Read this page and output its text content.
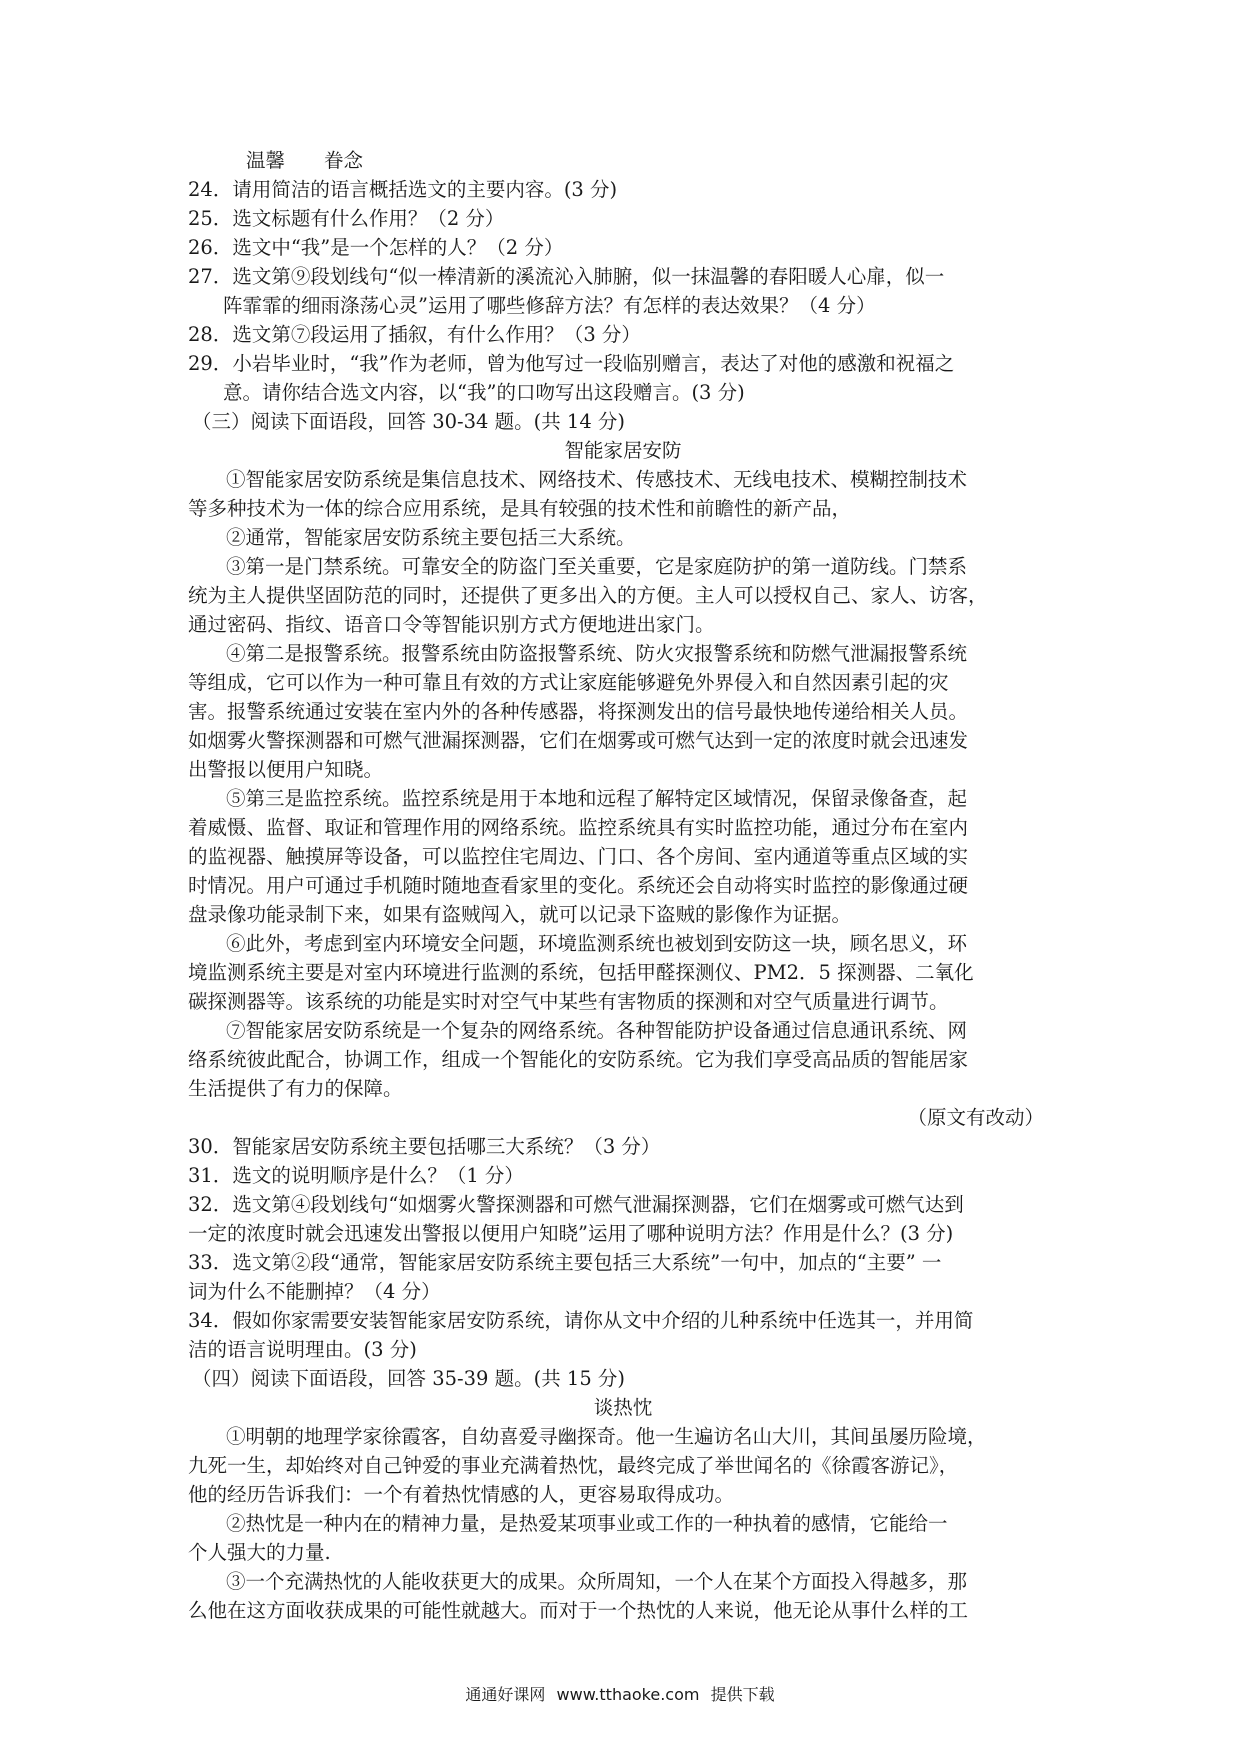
温馨　　眷念
24．请用简洁的语言概括选文的主要内容。(3 分)
25．选文标题有什么作用？（2 分）
26．选文中“我”是一个怎样的人？（2 分）
27．选文第⑨段划线句“似一棒清新的溪流沁入肺腑，似一抹温馨的春阳暖人心扉，似一
阵霏霏的细雨涤荡心灵”运用了哪些修辞方法？有怎样的表达效果？（4 分）
28．选文第⑦段运用了插叙，有什么作用？（3 分）
29．小岩毕业时，“我”作为老师，曾为他写过一段临别赠言，表达了对他的感激和祝福之
意。请你结合选文内容，以“我”的口吻写出这段赠言。(3 分)
（三）阅读下面语段，回答 30-34 题。(共 14 分)
智能家居安防
①智能家居安防系统是集信息技术、网络技术、传感技术、无线电技术、模糊控制技术
等多种技术为一体的综合应用系统，是具有较强的技术性和前瞻性的新产品，
②通常，智能家居安防系统主要包括三大系统。
③第一是门禁系统。可靠安全的防盗门至关重要，它是家庭防护的第一道防线。门禁系
统为主人提供坚固防范的同时，还提供了更多出入的方便。主人可以授权自己、家人、访客，
通过密码、指纹、语音口令等智能识别方式方便地进出家门。
④第二是报警系统。报警系统由防盗报警系统、防火灾报警系统和防燃气泄漏报警系统
等组成，它可以作为一种可靠且有效的方式让家庭能够避免外界侵入和自然因素引起的灾
害。报警系统通过安装在室内外的各种传感器，将探测发出的信号最快地传递给相关人员。
如烟雾火警探测器和可燃气泄漏探测器，它们在烟雾或可燃气达到一定的浓度时就会迅速发
出警报以便用户知晓。
⑤第三是监控系统。监控系统是用于本地和远程了解特定区域情况，保留录像备查，起
着威慑、监督、取证和管理作用的网络系统。监控系统具有实时监控功能，通过分布在室内
的监视器、触摸屏等设备，可以监控住宅周边、门口、各个房间、室内通道等重点区域的实
时情况。用户可通过手机随时随地查看家里的变化。系统还会自动将实时监控的影像通过硬
盘录像功能录制下来，如果有盗贼闯入，就可以记录下盗贼的影像作为证据。
⑥此外，考虑到室内环境安全问题，环境监测系统也被划到安防这一块，顾名思义，环
境监测系统主要是对室内环境进行监测的系统，包括甲醛探测仪、PM2．5 探测器、二氧化
碳探测器等。该系统的功能是实时对空气中某些有害物质的探测和对空气质量进行调节。
⑦智能家居安防系统是一个复杂的网络系统。各种智能防护设备通过信息通讯系统、网
络系统彼此配合，协调工作，组成一个智能化的安防系统。它为我们享受高品质的智能居家
生活提供了有力的保障。
（原文有改动）
30．智能家居安防系统主要包括哪三大系统？（3 分）
31．选文的说明顺序是什么？（1 分）
32．选文第④段划线句“如烟雾火警探测器和可燃气泄漏探测器，它们在烟雾或可燃气达到
一定的浓度时就会迅速发出警报以便用户知晓”运用了哪种说明方法？作用是什么？(3 分)
33．选文第②段“通常，智能家居安防系统主要包括三大系统”一句中，加点的“主要” 一
词为什么不能删掉？（4 分）
34．假如你家需要安装智能家居安防系统，请你从文中介绍的儿种系统中任选其一，并用简
洁的语言说明理由。(3 分)
（四）阅读下面语段，回答 35-39 题。(共 15 分)
谈热忱
①明朝的地理学家徐霞客，自幼喜爱寻幽探奇。他一生遍访名山大川，其间虽屡历险境，
九死一生，却始终对自己钟爱的事业充满着热忱，最终完成了举世闻名的《徐霞客游记》，
他的经历告诉我们：一个有着热忱情感的人，更容易取得成功。
②热忱是一种内在的精神力量，是热爱某项事业或工作的一种执着的感情，它能给一
个人强大的力量.
③一个充满热忱的人能收获更大的成果。众所周知，一个人在某个方面投入得越多，那
么他在这方面收获成果的可能性就越大。而对于一个热忱的人来说，他无论从事什么样的工
通通好课网 www.tthaoke.com 提供下载
